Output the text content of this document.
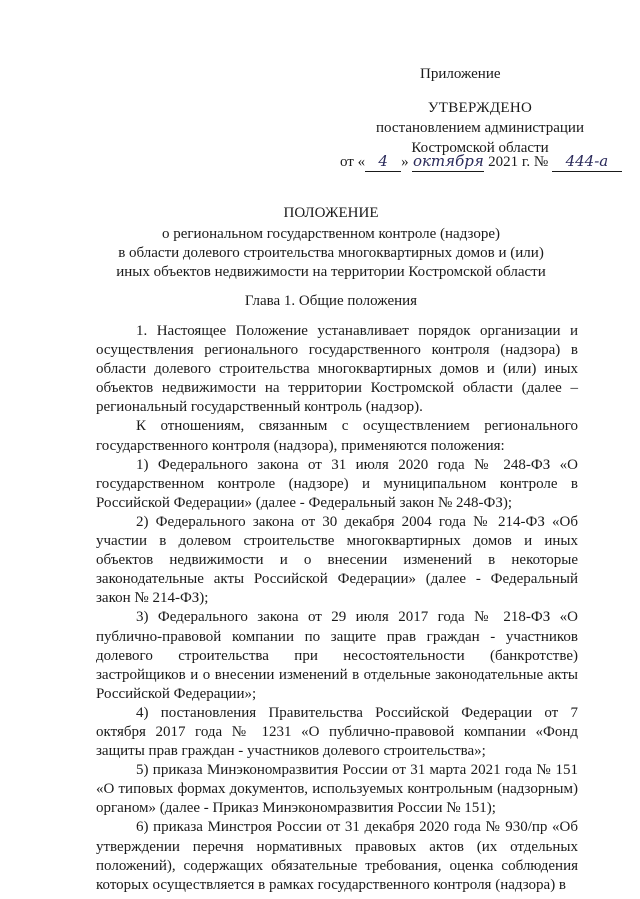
Приложение
УТВЕРЖДЕНО
постановлением администрации
Костромской области
от « 4 » октября 2021 г. № 444-а
ПОЛОЖЕНИЕ
о региональном государственном контроле (надзоре)
в области долевого строительства многоквартирных домов и (или)
иных объектов недвижимости на территории Костромской области
Глава 1. Общие положения

1. Настоящее Положение устанавливает порядок организации и осуществления регионального государственного контроля (надзора) в области долевого строительства многоквартирных домов и (или) иных объектов недвижимости на территории Костромской области (далее – региональный государственный контроль (надзор).

К отношениям, связанным с осуществлением регионального государственного контроля (надзора), применяются положения:

1) Федерального закона от 31 июля 2020 года № 248-ФЗ «О государственном контроле (надзоре) и муниципальном контроле в Российской Федерации» (далее - Федеральный закон № 248-ФЗ);

2) Федерального закона от 30 декабря 2004 года № 214-ФЗ «Об участии в долевом строительстве многоквартирных домов и иных объектов недвижимости и о внесении изменений в некоторые законодательные акты Российской Федерации» (далее - Федеральный закон № 214-ФЗ);

3) Федерального закона от 29 июля 2017 года № 218-ФЗ «О публично-правовой компании по защите прав граждан - участников долевого строительства при несостоятельности (банкротстве) застройщиков и о внесении изменений в отдельные законодательные акты Российской Федерации»;

4) постановления Правительства Российской Федерации от 7 октября 2017 года № 1231 «О публично-правовой компании «Фонд защиты прав граждан - участников долевого строительства»;

5) приказа Минэкономразвития России от 31 марта 2021 года № 151 «О типовых формах документов, используемых контрольным (надзорным) органом» (далее - Приказ Минэкономразвития России № 151);

6) приказа Минстроя России от 31 декабря 2020 года № 930/пр «Об утверждении перечня нормативных правовых актов (их отдельных положений), содержащих обязательные требования, оценка соблюдения которых осуществляется в рамках государственного контроля (надзора) в
